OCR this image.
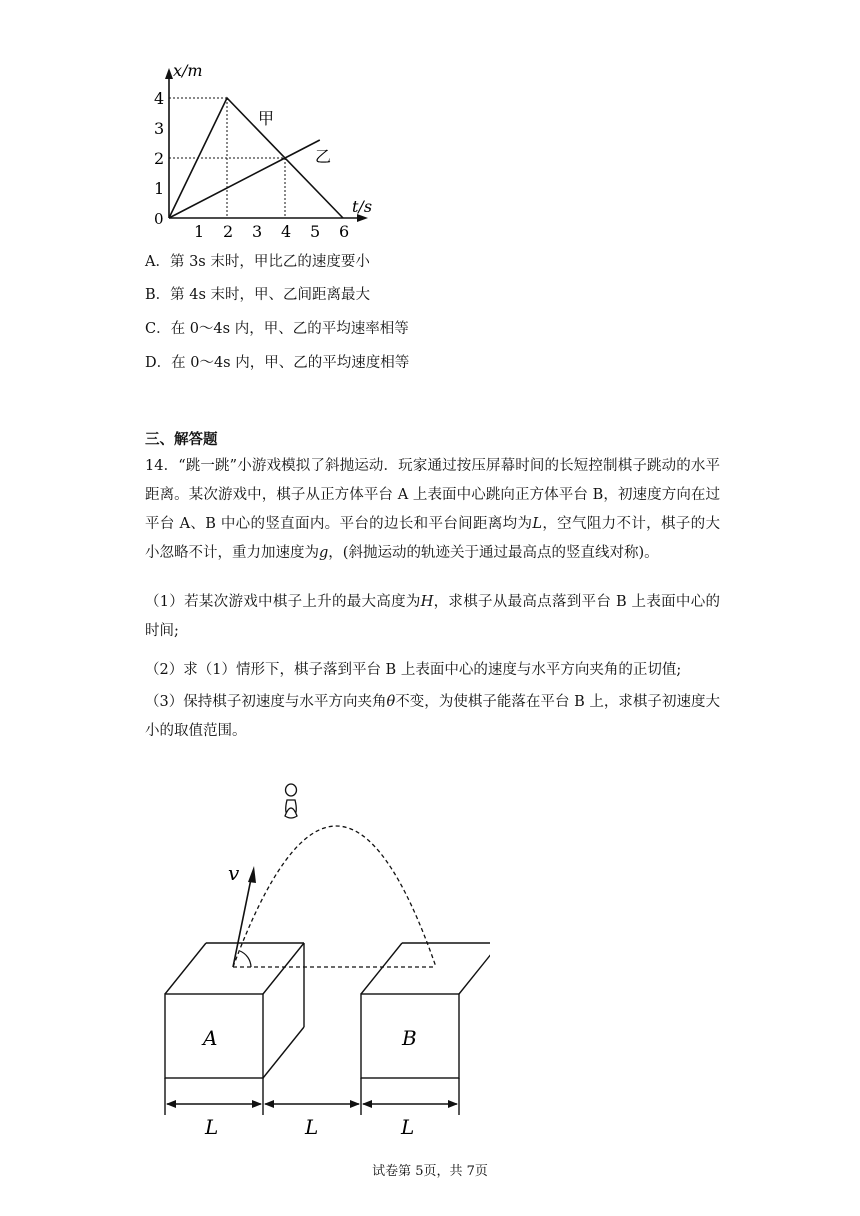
1 2 3 4 5 6
1
2
3
4
x/m
t/s
0
甲
乙
A．第 3s 末时，甲比乙的速度要小
B．第 4s 末时，甲、乙间距离最大
C．在 0～4s 内，甲、乙的平均速率相等
D．在 0～4s 内，甲、乙的平均速度相等
三、解答题
14．“跳一跳”小游戏模拟了斜抛运动．玩家通过按压屏幕时间的长短控制棋子跳动的水平距离。某次游戏中，棋子从正方体平台 A 上表面中心跳向正方体平台 B，初速度方向在过平台 A、B 中心的竖直面内。平台的边长和平台间距离均为L，空气阻力不计，棋子的大小忽略不计，重力加速度为g，(斜抛运动的轨迹关于通过最高点的竖直线对称)。
（1）若某次游戏中棋子上升的最大高度为H，求棋子从最高点落到平台 B 上表面中心的时间;
（2）求（1）情形下，棋子落到平台 B 上表面中心的速度与水平方向夹角的正切值;
（3）保持棋子初速度与水平方向夹角θ不变，为使棋子能落在平台 B 上，求棋子初速度大小的取值范围。
v
A	B
L	L	L
试卷第 5页，共 7页
